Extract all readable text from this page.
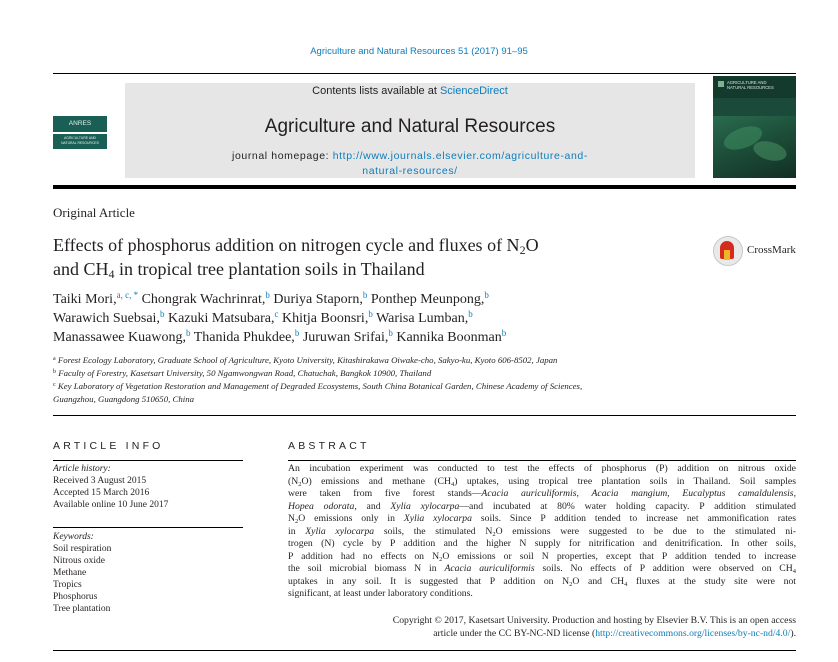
Agriculture and Natural Resources 51 (2017) 91–95
ANRES
AGRICULTURE AND
NATURAL RESOURCES
Contents lists available at ScienceDirect
Agriculture and Natural Resources
journal homepage: http://www.journals.elsevier.com/agriculture-and-
natural-resources/
AGRICULTURE AND
NATURAL RESOURCES
Original Article
Effects of phosphorus addition on nitrogen cycle and fluxes of $N_2O$
and $CH_4$ in tropical tree plantation soils in Thailand
CrossMark
Taiki Mori,$^{a, c, *}$ Chongrak Wachrinrat,$^b$ Duriya Staporn,$^b$ Ponthep Meunpong,$^b$
Warawich Suebsai,$^b$ Kazuki Matsubara,$^c$ Khitja Boonsri,$^b$ Warisa Lumban,$^b$
Manassawee Kuawong,$^b$ Thanida Phukdee,$^b$ Juruwan Srifai,$^b$ Kannika Boonman$^b$
$^a$ Forest Ecology Laboratory, Graduate School of Agriculture, Kyoto University, Kitashirakawa Oiwake-cho, Sakyo-ku, Kyoto 606-8502, Japan
$^b$ Faculty of Forestry, Kasetsart University, 50 Ngamwongwan Road, Chatuchak, Bangkok 10900, Thailand
$^c$ Key Laboratory of Vegetation Restoration and Management of Degraded Ecosystems, South China Botanical Garden, Chinese Academy of Sciences,
Guangzhou, Guangdong 510650, China
ARTICLE INFO	ABSTRACT
Article history:
Received 3 August 2015
Accepted 15 March 2016
Available online 10 June 2017
Keywords:
Soil respiration
Nitrous oxide
Methane
Tropics
Phosphorus
Tree plantation
An incubation experiment was conducted to test the effects of phosphorus (P) addition on nitrous oxide
$(N_2O)$ emissions and methane $(CH_4)$ uptakes, using tropical tree plantation soils in Thailand. Soil samples
were taken from five forest stands—Acacia auriculiformis, Acacia mangium, Eucalyptus camaldulensis,
Hopea odorata, and Xylia xylocarpa—and incubated at 80% water holding capacity. P addition stimulated
$N_2O$ emissions only in Xylia xylocarpa soils. Since P addition tended to increase net ammonification rates
in Xylia xylocarpa soils, the stimulated $N_2O$ emissions were suggested to be due to the stimulated ni-
trogen (N) cycle by P addition and the higher N supply for nitrification and denitrification. In other soils,
P addition had no effects on $N_2O$ emissions or soil N properties, except that P addition tended to increase
the soil microbial biomass N in Acacia auriculiformis soils. No effects of P addition were observed on $CH_4$
uptakes in any soil. It is suggested that P addition on $N_2O$ and $CH_4$ fluxes at the study site were not
significant, at least under laboratory conditions.
Copyright © 2017, Kasetsart University. Production and hosting by Elsevier B.V. This is an open access
article under the CC BY-NC-ND license (http://creativecommons.org/licenses/by-nc-nd/4.0/).
